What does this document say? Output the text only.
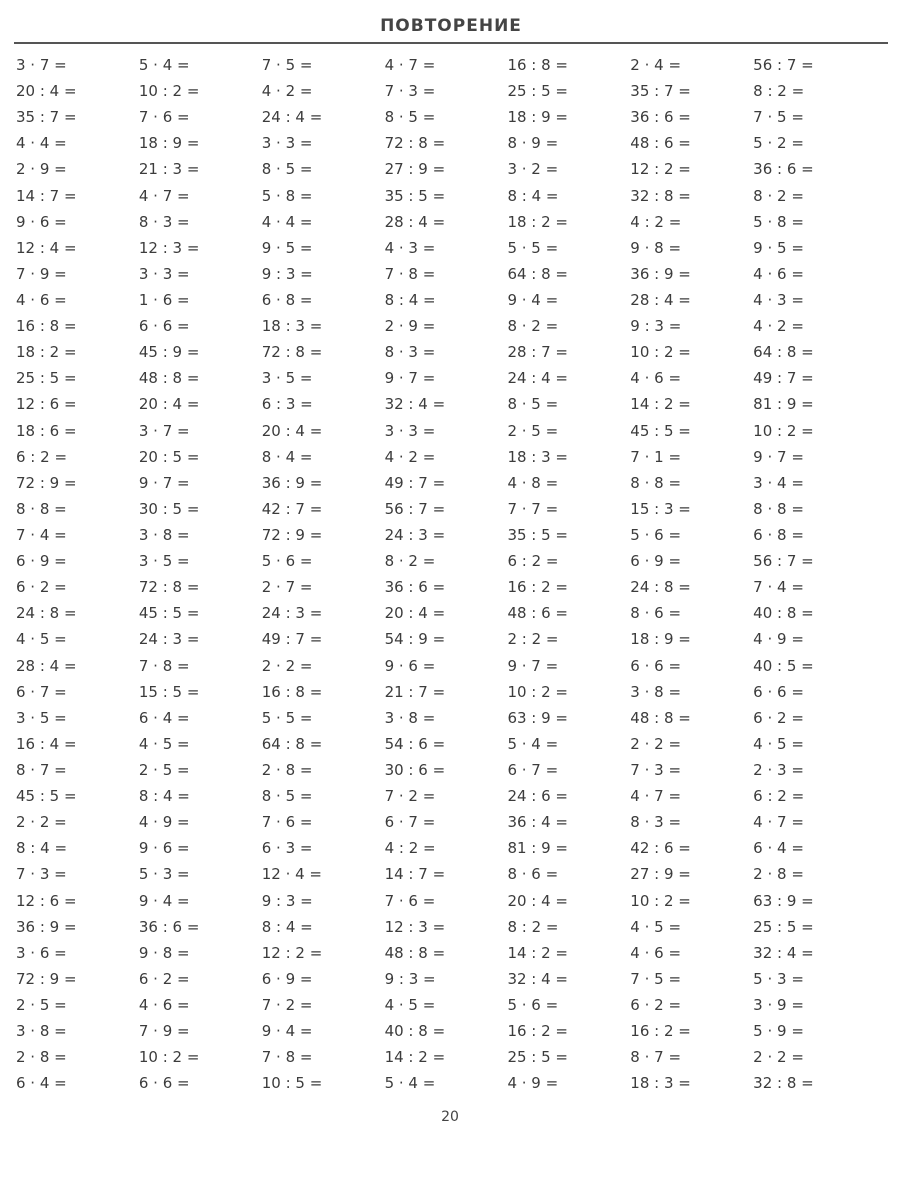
ПОВТОРЕНИЕ
3 · 7 =	5 · 4 =	7 · 5 =	4 · 7 =	16 : 8 =	2 · 4 =	56 : 7 =
20 : 4 =	10 : 2 =	4 · 2 =	7 · 3 =	25 : 5 =	35 : 7 =	8 : 2 =
35 : 7 =	7 · 6 =	24 : 4 =	8 · 5 =	18 : 9 =	36 : 6 =	7 · 5 =
4 · 4 =	18 : 9 =	3 · 3 =	72 : 8 =	8 · 9 =	48 : 6 =	5 · 2 =
2 · 9 =	21 : 3 =	8 · 5 =	27 : 9 =	3 · 2 =	12 : 2 =	36 : 6 =
14 : 7 =	4 · 7 =	5 · 8 =	35 : 5 =	8 : 4 =	32 : 8 =	8 · 2 =
9 · 6 =	8 · 3 =	4 · 4 =	28 : 4 =	18 : 2 =	4 : 2 =	5 · 8 =
12 : 4 =	12 : 3 =	9 · 5 =	4 · 3 =	5 · 5 =	9 · 8 =	9 · 5 =
7 · 9 =	3 · 3 =	9 : 3 =	7 · 8 =	64 : 8 =	36 : 9 =	4 · 6 =
4 · 6 =	1 · 6 =	6 · 8 =	8 : 4 =	9 · 4 =	28 : 4 =	4 · 3 =
16 : 8 =	6 · 6 =	18 : 3 =	2 · 9 =	8 · 2 =	9 : 3 =	4 · 2 =
18 : 2 =	45 : 9 =	72 : 8 =	8 · 3 =	28 : 7 =	10 : 2 =	64 : 8 =
25 : 5 =	48 : 8 =	3 · 5 =	9 · 7 =	24 : 4 =	4 · 6 =	49 : 7 =
12 : 6 =	20 : 4 =	6 : 3 =	32 : 4 =	8 · 5 =	14 : 2 =	81 : 9 =
18 : 6 =	3 · 7 =	20 : 4 =	3 · 3 =	2 · 5 =	45 : 5 =	10 : 2 =
6 : 2 =	20 : 5 =	8 · 4 =	4 · 2 =	18 : 3 =	7 · 1 =	9 · 7 =
72 : 9 =	9 · 7 =	36 : 9 =	49 : 7 =	4 · 8 =	8 · 8 =	3 · 4 =
8 · 8 =	30 : 5 =	42 : 7 =	56 : 7 =	7 · 7 =	15 : 3 =	8 · 8 =
7 · 4 =	3 · 8 =	72 : 9 =	24 : 3 =	35 : 5 =	5 · 6 =	6 · 8 =
6 · 9 =	3 · 5 =	5 · 6 =	8 · 2 =	6 : 2 =	6 · 9 =	56 : 7 =
6 · 2 =	72 : 8 =	2 · 7 =	36 : 6 =	16 : 2 =	24 : 8 =	7 · 4 =
24 : 8 =	45 : 5 =	24 : 3 =	20 : 4 =	48 : 6 =	8 · 6 =	40 : 8 =
4 · 5 =	24 : 3 =	49 : 7 =	54 : 9 =	2 : 2 =	18 : 9 =	4 · 9 =
28 : 4 =	7 · 8 =	2 · 2 =	9 · 6 =	9 · 7 =	6 · 6 =	40 : 5 =
6 · 7 =	15 : 5 =	16 : 8 =	21 : 7 =	10 : 2 =	3 · 8 =	6 · 6 =
3 · 5 =	6 · 4 =	5 · 5 =	3 · 8 =	63 : 9 =	48 : 8 =	6 · 2 =
16 : 4 =	4 · 5 =	64 : 8 =	54 : 6 =	5 · 4 =	2 · 2 =	4 · 5 =
8 · 7 =	2 · 5 =	2 · 8 =	30 : 6 =	6 · 7 =	7 · 3 =	2 · 3 =
45 : 5 =	8 : 4 =	8 · 5 =	7 · 2 =	24 : 6 =	4 · 7 =	6 : 2 =
2 · 2 =	4 · 9 =	7 · 6 =	6 · 7 =	36 : 4 =	8 · 3 =	4 · 7 =
8 : 4 =	9 · 6 =	6 · 3 =	4 : 2 =	81 : 9 =	42 : 6 =	6 · 4 =
7 · 3 =	5 · 3 =	12 · 4 =	14 : 7 =	8 · 6 =	27 : 9 =	2 · 8 =
12 : 6 =	9 · 4 =	9 : 3 =	7 · 6 =	20 : 4 =	10 : 2 =	63 : 9 =
36 : 9 =	36 : 6 =	8 : 4 =	12 : 3 =	8 : 2 =	4 · 5 =	25 : 5 =
3 · 6 =	9 · 8 =	12 : 2 =	48 : 8 =	14 : 2 =	4 · 6 =	32 : 4 =
72 : 9 =	6 · 2 =	6 · 9 =	9 : 3 =	32 : 4 =	7 · 5 =	5 · 3 =
2 · 5 =	4 · 6 =	7 · 2 =	4 · 5 =	5 · 6 =	6 · 2 =	3 · 9 =
3 · 8 =	7 · 9 =	9 · 4 =	40 : 8 =	16 : 2 =	16 : 2 =	5 · 9 =
2 · 8 =	10 : 2 =	7 · 8 =	14 : 2 =	25 : 5 =	8 · 7 =	2 · 2 =
6 · 4 =	6 · 6 =	10 : 5 =	5 · 4 =	4 · 9 =	18 : 3 =	32 : 8 =
20
